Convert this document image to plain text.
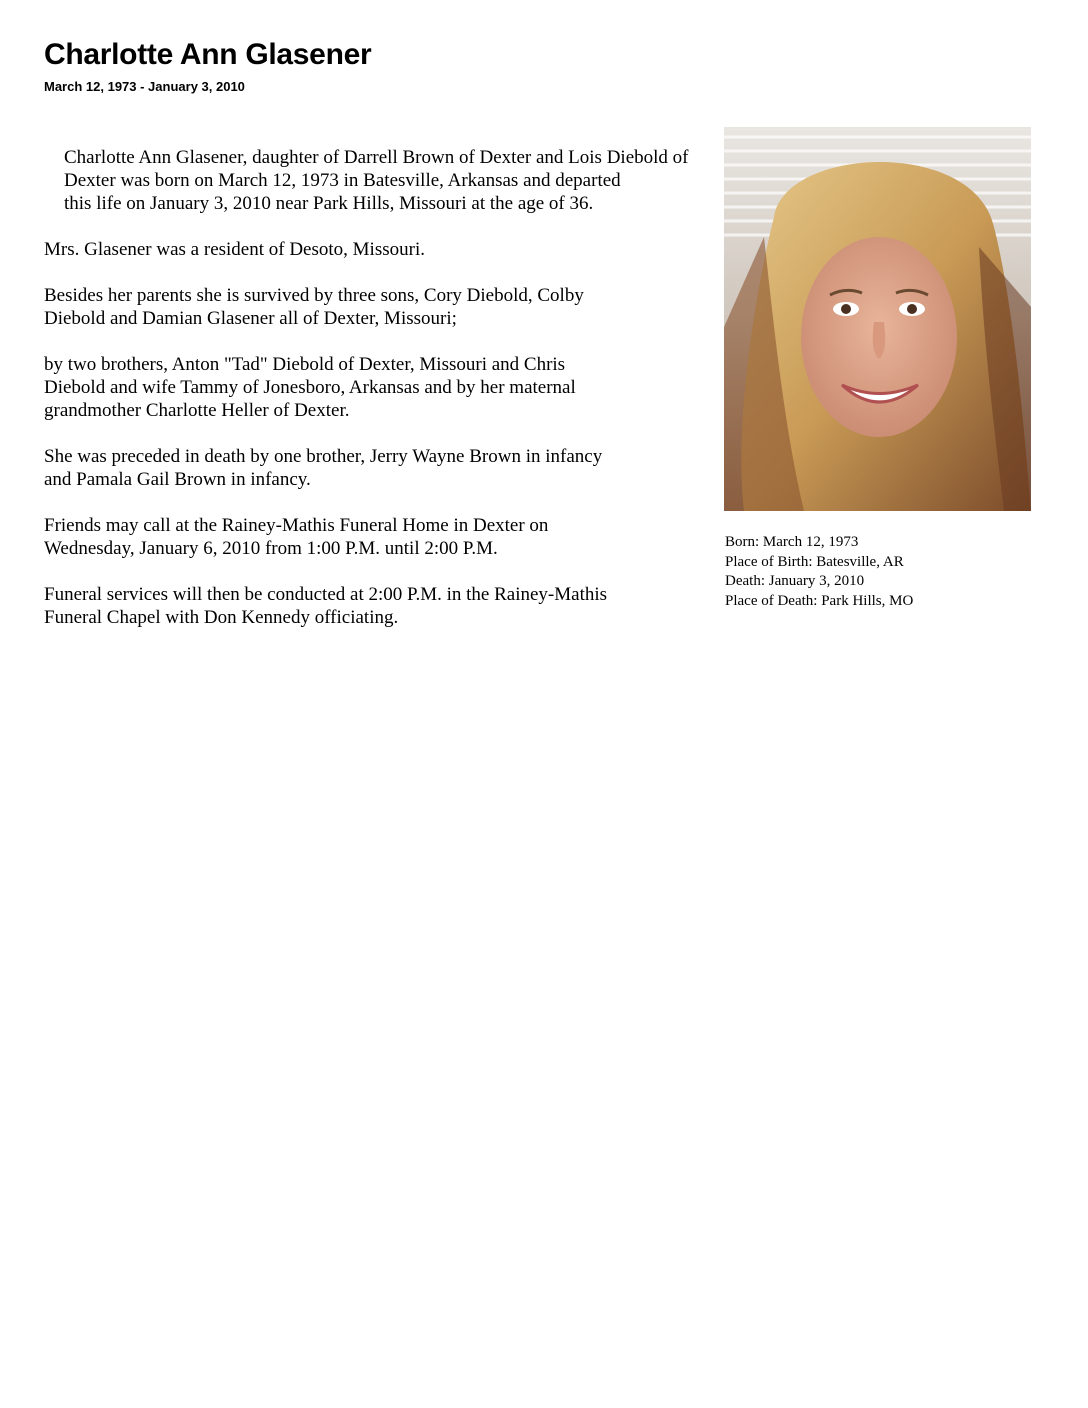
Charlotte Ann Glasener
March 12, 1973 - January 3, 2010

Charlotte Ann Glasener, daughter of Darrell Brown of Dexter and Lois Diebold of
Dexter was born on March 12, 1973 in Batesville, Arkansas and departed
this life on January 3, 2010 near Park Hills, Missouri at the age of 36.

Mrs. Glasener was a resident of Desoto, Missouri.

Besides her parents she is survived by three sons, Cory Diebold, Colby
Diebold and Damian Glasener all of Dexter, Missouri;

by two brothers, Anton "Tad" Diebold of Dexter, Missouri and Chris
Diebold and wife Tammy of Jonesboro, Arkansas and by her maternal
grandmother Charlotte Heller of Dexter.

She was preceded in death by one brother, Jerry Wayne Brown in infancy
and Pamala Gail Brown in infancy.

Friends may call at the Rainey-Mathis Funeral Home in Dexter on
Wednesday, January 6, 2010 from 1:00 P.M. until 2:00 P.M.

Funeral services will then be conducted at 2:00 P.M. in the Rainey-Mathis
Funeral Chapel with Don Kennedy officiating.

Born: March 12, 1973
Place of Birth: Batesville, AR
Death: January 3, 2010
Place of Death: Park Hills, MO
